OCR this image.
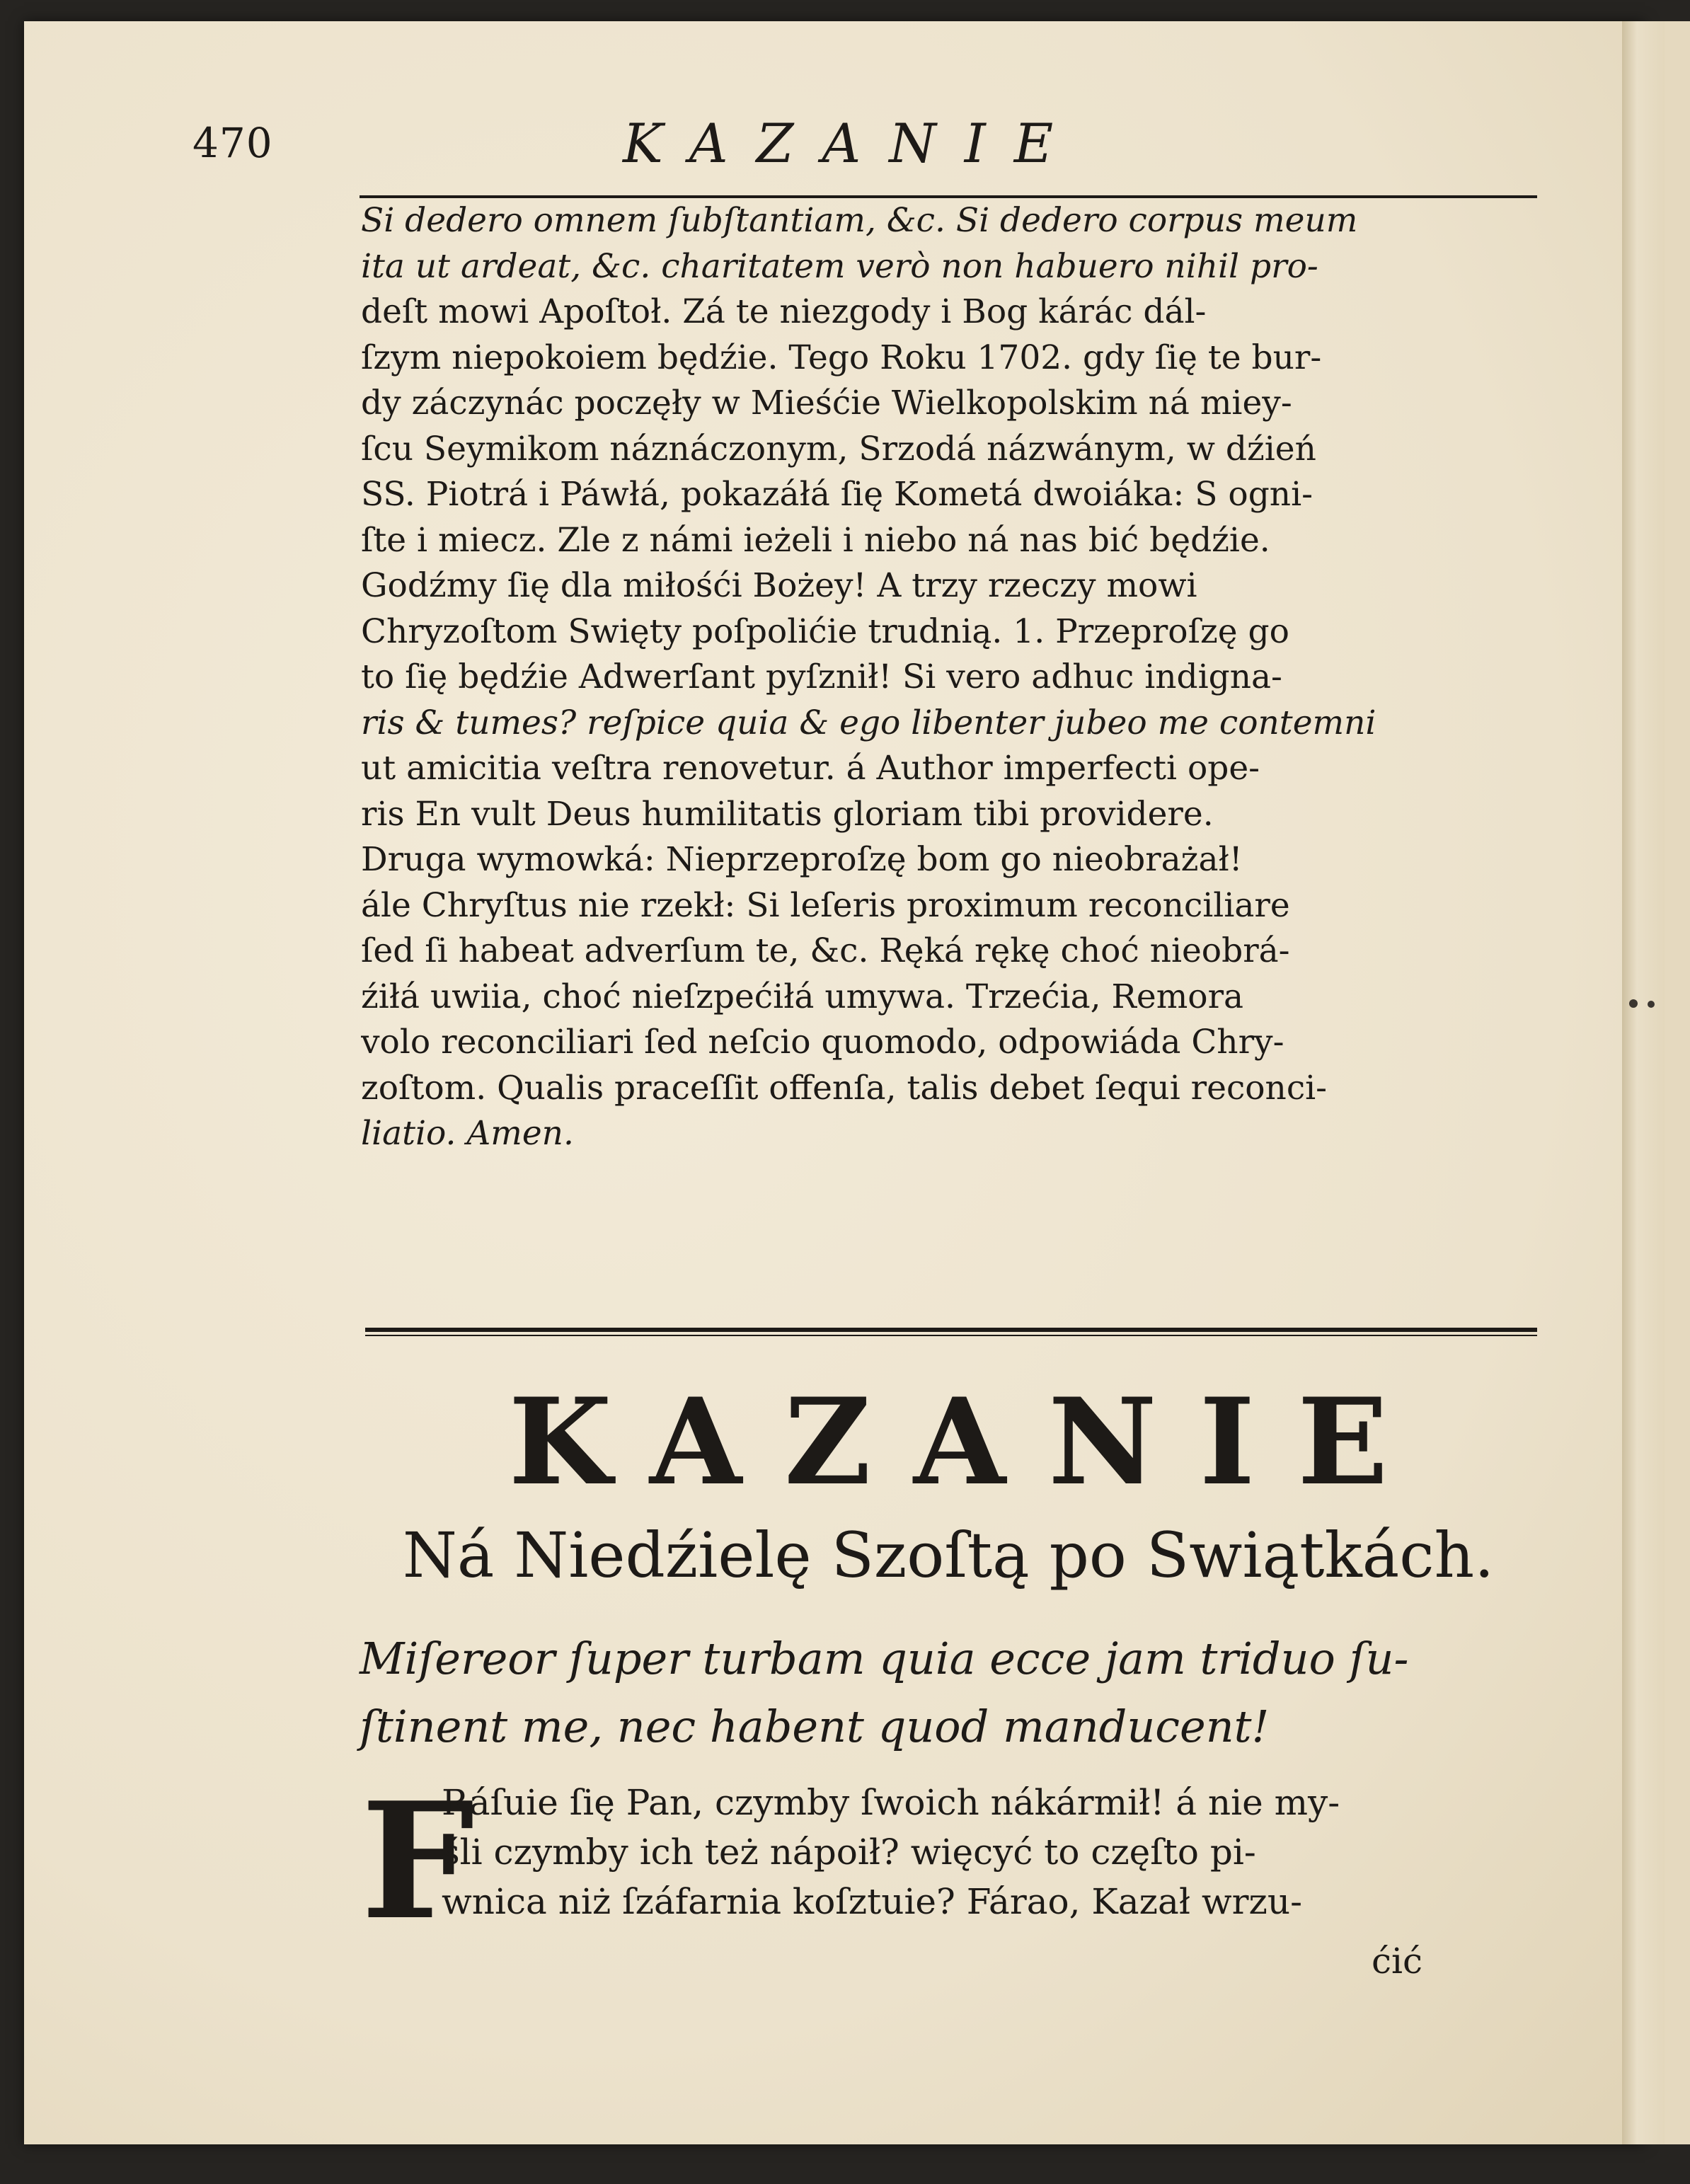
470	KAZANIE
Si dedero omnem ſubſtantiam, &c. Si dedero corpus meum
ita ut ardeat, &c. charitatem verò non habuero nihil pro-
deſt mowi Apoſtoł. Zá te niezgody i Bog kárác dál-
ſzym niepokoiem będźie. Tego Roku 1702. gdy ſię te bur-
dy záczynác poczęły w Mieśćie Wielkopolskim ná miey-
ſcu Seymikom náznáczonym, Srzodá názwánym, w dźień
SS. Piotrá i Páwłá, pokazáłá ſię Kometá dwoiáka: S ogni-
ſte i miecz. Zle z námi ieżeli i niebo ná nas bić będźie.
Godźmy ſię dla miłośći Bożey! A trzy rzeczy mowi
Chryzoſtom Swięty poſpolićie trudnią. 1. Przeproſzę go
to ſię będźie Adwerſant pyſznił! Si vero adhuc indigna-
ris & tumes? reſpice quia & ego libenter jubeo me contemni
ut amicitia veſtra renovetur. á Author imperfecti ope-
ris En vult Deus humilitatis gloriam tibi providere.
Druga wymowká: Nieprzeproſzę bom go nieobrażał!
ále Chryſtus nie rzekł: Si leſeris proximum reconciliare
ſed ſi habeat adverſum te, &c. Ręká rękę choć nieobrá-
źiłá uwiia, choć nieſzpećiłá umywa. Trzećia, Remora
volo reconciliari ſed neſcio quomodo, odpowiáda Chry-
zoſtom. Qualis praceſſit offenſa, talis debet ſequi reconci-
liatio. Amen.
KAZANIE
Ná Niedźielę Szoſtą po Swiątkách.
Miſereor ſuper turbam quia ecce jam triduo ſu-
ſtinent me, nec habent quod manducent!
F
Ráſuie ſię Pan, czymby ſwoich nákármił! á nie my-
śli czymby ich też nápoił? więcyć to częſto pi-
wnica niż ſzáfarnia koſztuie? Fárao, Kazał wrzu-
ćić
